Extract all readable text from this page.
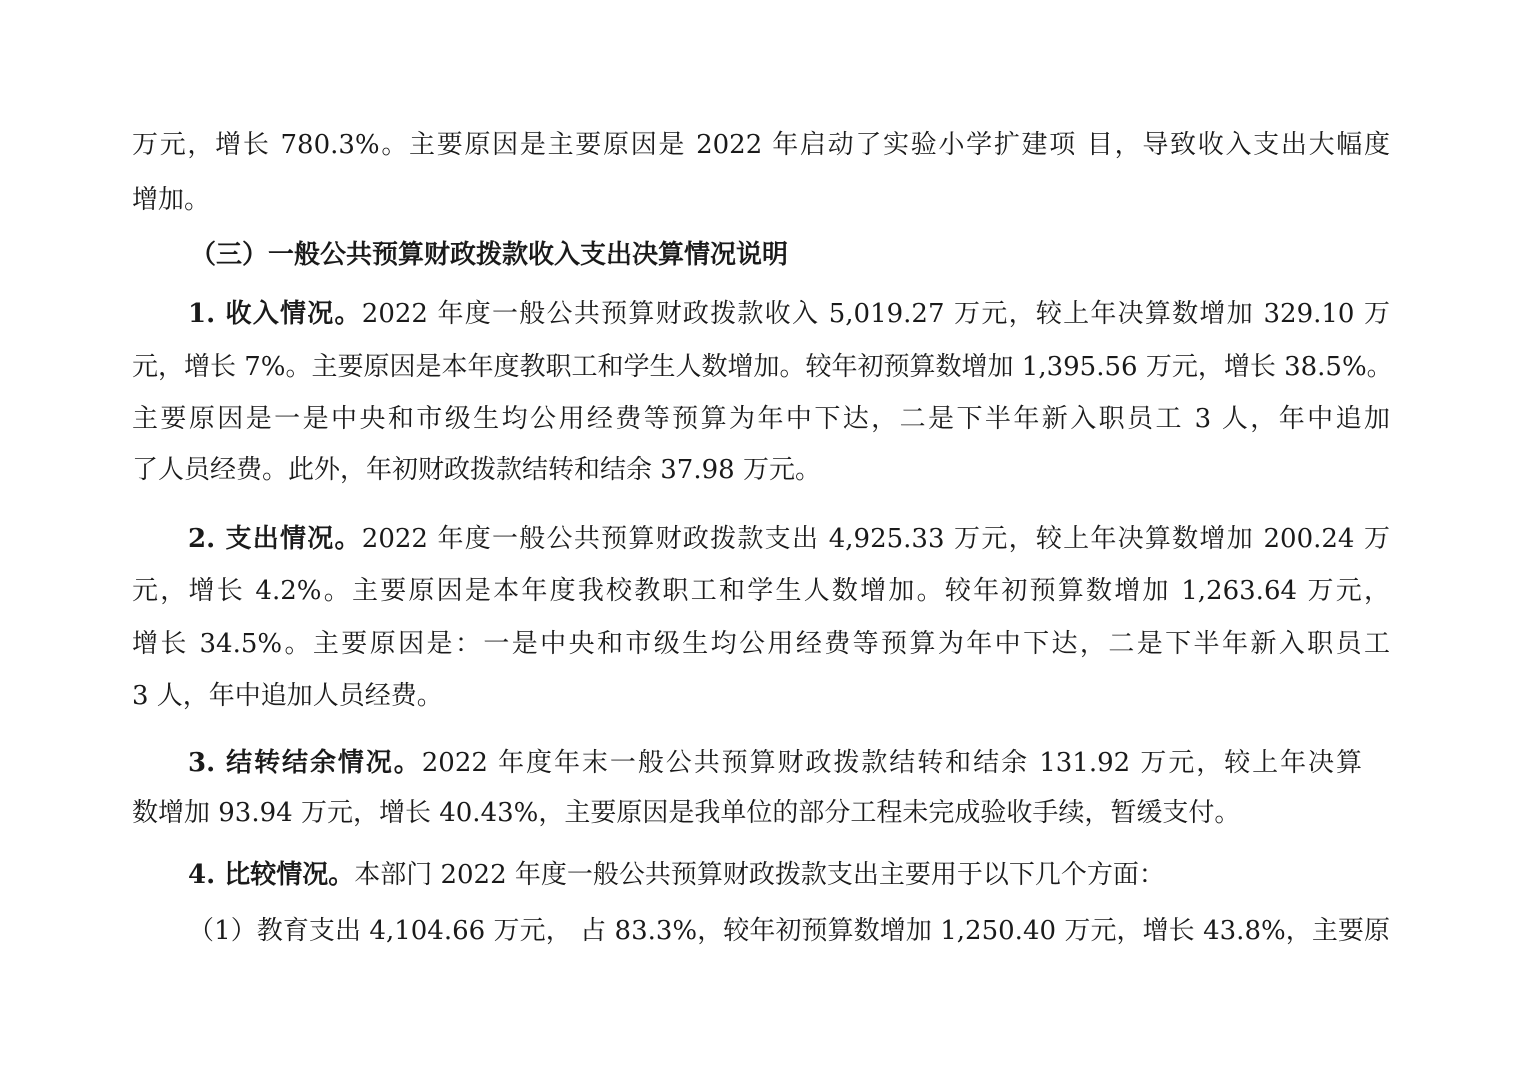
万元，增长 780.3%。主要原因是主要原因是 2022 年启动了实验小学扩建项 目，导致收入支出大幅度
增加。
（三）一般公共预算财政拨款收入支出决算情况说明
1. 收入情况。2022 年度一般公共预算财政拨款收入 5,019.27 万元，较上年决算数增加 329.10 万
元，增长 7%。主要原因是本年度教职工和学生人数增加。较年初预算数增加 1,395.56 万元，增长 38.5%。
主要原因是一是中央和市级生均公用经费等预算为年中下达，二是下半年新入职员工 3 人，年中追加
了人员经费。此外，年初财政拨款结转和结余 37.98 万元。
2. 支出情况。2022 年度一般公共预算财政拨款支出 4,925.33 万元，较上年决算数增加 200.24 万
元，增长 4.2%。主要原因是本年度我校教职工和学生人数增加。较年初预算数增加 1,263.64 万元，
增长 34.5%。主要原因是：一是中央和市级生均公用经费等预算为年中下达，二是下半年新入职员工
3 人，年中追加人员经费。
3. 结转结余情况。2022 年度年末一般公共预算财政拨款结转和结余 131.92 万元，较上年决算
数增加 93.94 万元，增长 40.43%，主要原因是我单位的部分工程未完成验收手续，暂缓支付。
4. 比较情况。本部门 2022 年度一般公共预算财政拨款支出主要用于以下几个方面：
（1）教育支出 4,104.66 万元， 占 83.3%，较年初预算数增加 1,250.40 万元，增长 43.8%，主要原
